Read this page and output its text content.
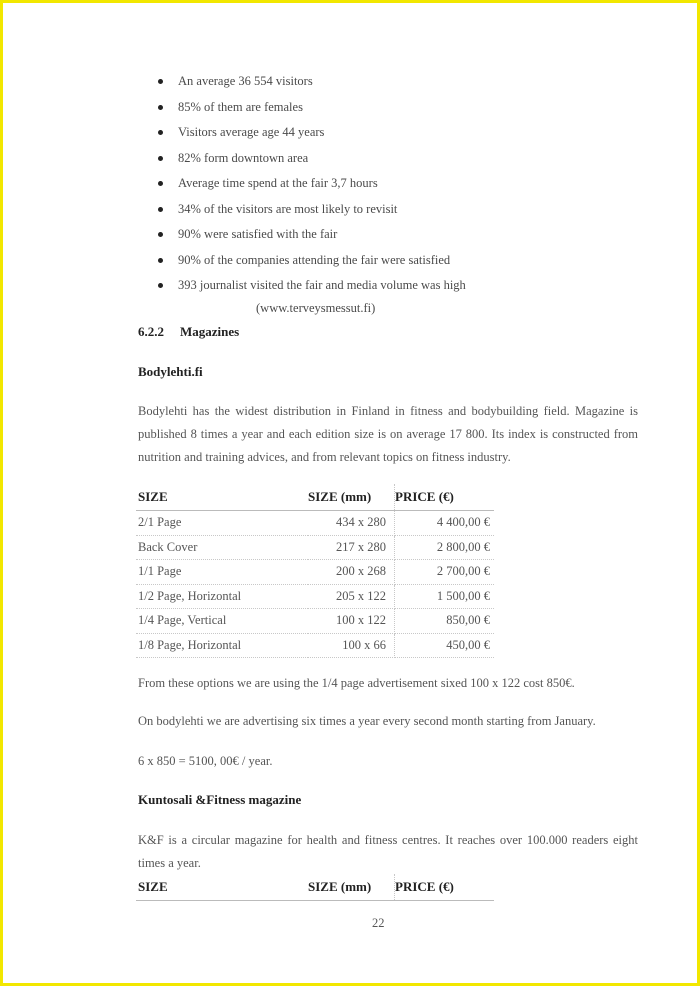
An average 36 554 visitors
85% of them are females
Visitors average age 44 years
82% form downtown area
Average time spend at the fair 3,7 hours
34% of the visitors are most likely to revisit
90% were satisfied with the fair
90% of the companies attending the fair were satisfied
393 journalist visited the fair and media volume was high
(www.terveysmessut.fi)
6.2.2 Magazines
Bodylehti.fi
Bodylehti has the widest distribution in Finland in fitness and bodybuilding field. Magazine is published 8 times a year and each edition size is on average 17 800. Its index is constructed from nutrition and training advices, and from relevant topics on fitness industry.
SIZE	SIZE (mm)	PRICE (€)
2/1 Page	434 x 280	4 400,00 €
Back Cover	217 x 280	2 800,00 €
1/1 Page	200 x 268	2 700,00 €
1/2 Page, Horizontal	205 x 122	1 500,00 €
1/4 Page, Vertical	100 x 122	850,00 €
1/8 Page, Horizontal	100 x 66	450,00 €
From these options we are using the 1/4 page advertisement sixed 100 x 122 cost 850€.
On bodylehti we are advertising six times a year every second month starting from January.
6 x 850 = 5100, 00€ / year.
Kuntosali &Fitness magazine
K&F is a circular magazine for health and fitness centres. It reaches over 100.000 readers eight times a year.
SIZE	SIZE (mm)	PRICE (€)
22
